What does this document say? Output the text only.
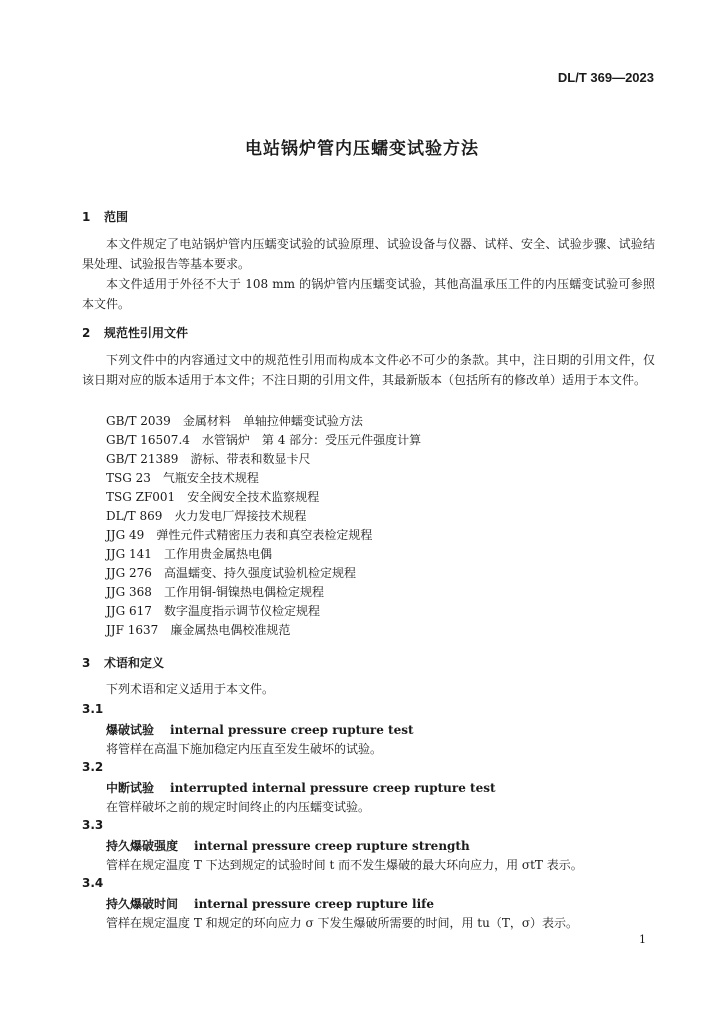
DL/T 369—2023
电站锅炉管内压蠕变试验方法
1 范围
本文件规定了电站锅炉管内压蠕变试验的试验原理、试验设备与仪器、试样、安全、试验步骤、试验结果处理、试验报告等基本要求。
本文件适用于外径不大于 108 mm 的锅炉管内压蠕变试验，其他高温承压工件的内压蠕变试验可参照本文件。
2 规范性引用文件
下列文件中的内容通过文中的规范性引用而构成本文件必不可少的条款。其中，注日期的引用文件，仅该日期对应的版本适用于本文件；不注日期的引用文件，其最新版本（包括所有的修改单）适用于本文件。
GB/T 2039　 金属材料　单轴拉伸蠕变试验方法
GB/T 16507.4　 水管锅炉　第 4 部分：受压元件强度计算
GB/T 21389　 游标、带表和数显卡尺
TSG 23　 气瓶安全技术规程
TSG ZF001　 安全阀安全技术监察规程
DL/T 869　 火力发电厂焊接技术规程
JJG 49　 弹性元件式精密压力表和真空表检定规程
JJG 141　 工作用贵金属热电偶
JJG 276　 高温蠕变、持久强度试验机检定规程
JJG 368　 工作用铜-铜镍热电偶检定规程
JJG 617　 数字温度指示调节仪检定规程
JJF 1637　 廉金属热电偶校准规范
3 术语和定义
下列术语和定义适用于本文件。
3.1
爆破试验 internal pressure creep rupture test
将管样在高温下施加稳定内压直至发生破坏的试验。
3.2
中断试验 interrupted internal pressure creep rupture test
在管样破坏之前的规定时间终止的内压蠕变试验。
3.3
持久爆破强度 internal pressure creep rupture strength
管样在规定温度 T 下达到规定的试验时间 t 而不发生爆破的最大环向应力，用 σtT 表示。
3.4
持久爆破时间 internal pressure creep rupture life
管样在规定温度 T 和规定的环向应力 σ 下发生爆破所需要的时间，用 tu（T，σ）表示。
1
